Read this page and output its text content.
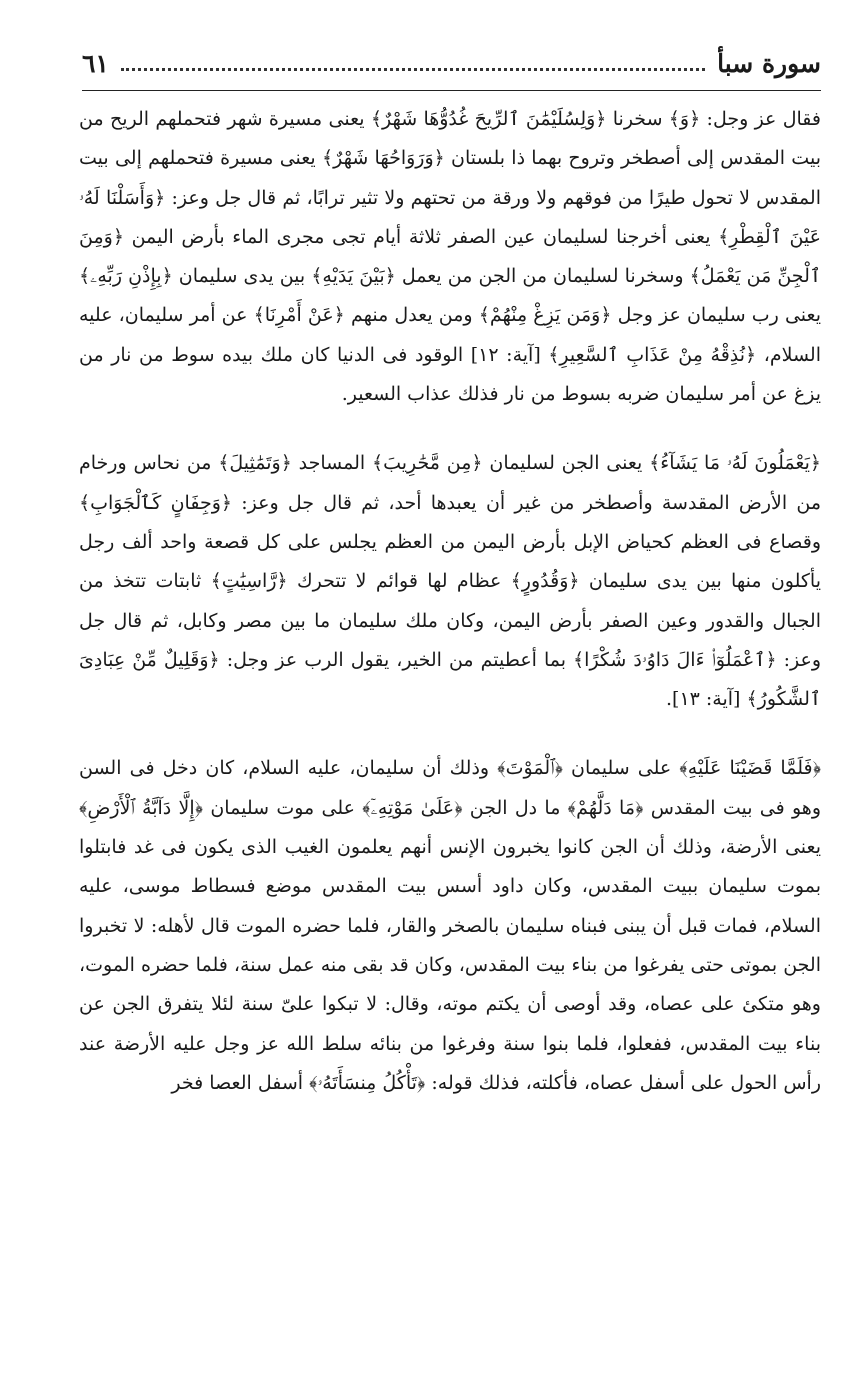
سورة سبأ
٦١

فقال عز وجل: ﴿وَ﴾ سخرنا ﴿وَلِسُلَيْمَٰنَ ٱلرِّيحَ غُدُوُّهَا شَهْرٌ﴾ يعنى مسيرة شهر فتحملهم الريح من بيت المقدس إلى أصطخر وتروح بهما ذا بلستان ﴿وَرَوَاحُهَا شَهْرٌ﴾ يعنى مسيرة فتحملهم إلى بيت المقدس لا تحول طيرًا من فوقهم ولا ورقة من تحتهم ولا تثير ترابًا، ثم قال جل وعز: ﴿وَأَسَلْنَا لَهُۥ عَيْنَ ٱلْقِطْرِ﴾ يعنى أخرجنا لسليمان عين الصفر ثلاثة أيام تجى مجرى الماء بأرض اليمن ﴿وَمِنَ ٱلْجِنِّ مَن يَعْمَلُ﴾ وسخرنا لسليمان من الجن من يعمل ﴿بَيْنَ يَدَيْهِ﴾ بين يدى سليمان ﴿بِإِذْنِ رَبِّهِۦ﴾ يعنى رب سليمان عز وجل ﴿وَمَن يَزِغْ مِنْهُمْ﴾ ومن يعدل منهم ﴿عَنْ أَمْرِنَا﴾ عن أمر سليمان، عليه السلام، ﴿نُذِقْهُ مِنْ عَذَابِ ٱلسَّعِيرِ﴾ [آية: ١٢] الوقود فى الدنيا كان ملك بيده سوط من نار من يزغ عن أمر سليمان ضربه بسوط من نار فذلك عذاب السعير.

﴿يَعْمَلُونَ لَهُۥ مَا يَشَآءُ﴾ يعنى الجن لسليمان ﴿مِن مَّحَٰرِيبَ﴾ المساجد ﴿وَتَمَٰثِيلَ﴾ من نحاس ورخام من الأرض المقدسة وأصطخر من غير أن يعبدها أحد، ثم قال جل وعز: ﴿وَجِفَانٍ كَٱلْجَوَابِ﴾ وقصاع فى العظم كحياض الإبل بأرض اليمن من العظم يجلس على كل قصعة واحد ألف رجل يأكلون منها بين يدى سليمان ﴿وَقُدُورٍ﴾ عظام لها قوائم لا تتحرك ﴿رَّاسِيَٰتٍ﴾ ثابتات تتخذ من الجبال والقدور وعين الصفر بأرض اليمن، وكان ملك سليمان ما بين مصر وكابل، ثم قال جل وعز: ﴿ٱعْمَلُوٓا۟ ءَالَ دَاوُۥدَ شُكْرًا﴾ بما أعطيتم من الخير، يقول الرب عز وجل: ﴿وَقَلِيلٌ مِّنْ عِبَادِىَ ٱلشَّكُورُ﴾ [آية: ١٣].

﴿فَلَمَّا قَضَيْنَا عَلَيْهِ﴾ على سليمان ﴿ٱلْمَوْتَ﴾ وذلك أن سليمان، عليه السلام، كان دخل فى السن وهو فى بيت المقدس ﴿مَا دَلَّهُمْ﴾ ما دل الجن ﴿عَلَىٰ مَوْتِهِۦٓ﴾ على موت سليمان ﴿إِلَّا دَآبَّةُ ٱلْأَرْضِ﴾ يعنى الأرضة، وذلك أن الجن كانوا يخبرون الإنس أنهم يعلمون الغيب الذى يكون فى غد فابتلوا بموت سليمان ببيت المقدس، وكان داود أسس بيت المقدس موضع فسطاط موسى، عليه السلام، فمات قبل أن يبنى فبناه سليمان بالصخر والقار، فلما حضره الموت قال لأهله: لا تخبروا الجن بموتى حتى يفرغوا من بناء بيت المقدس، وكان قد بقى منه عمل سنة، فلما حضره الموت، وهو متكئ على عصاه، وقد أوصى أن يكتم موته، وقال: لا تبكوا علىّ سنة لئلا يتفرق الجن عن بناء بيت المقدس، ففعلوا، فلما بنوا سنة وفرغوا من بنائه سلط الله عز وجل عليه الأرضة عند رأس الحول على أسفل عصاه، فأكلته، فذلك قوله: ﴿تَأْكُلُ مِنسَأَتَهُۥ﴾ أسفل العصا فخر
